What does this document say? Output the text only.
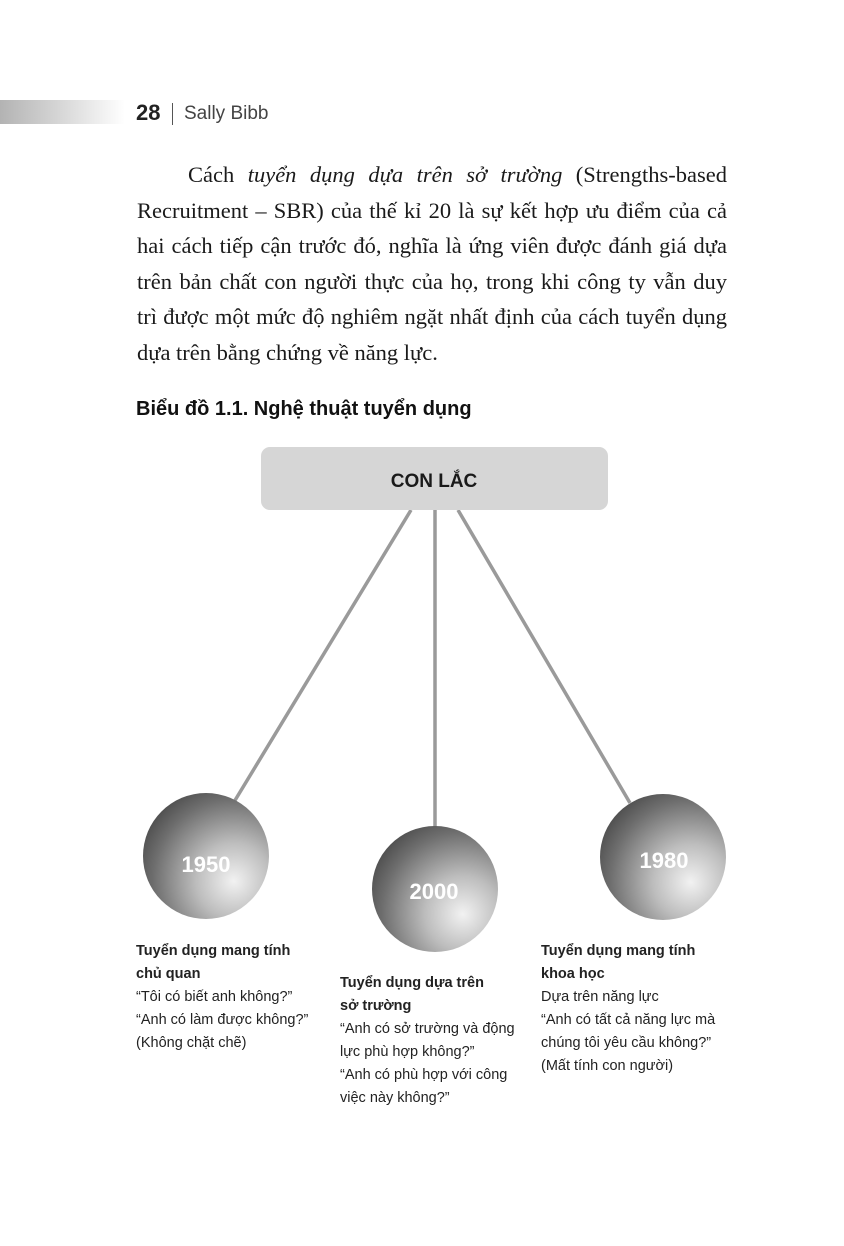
28 Sally Bibb

Cách tuyển dụng dựa trên sở trường (Strengths-based Recruitment – SBR) của thế kỉ 20 là sự kết hợp ưu điểm của cả hai cách tiếp cận trước đó, nghĩa là ứng viên được đánh giá dựa trên bản chất con người thực của họ, trong khi công ty vẫn duy trì được một mức độ nghiêm ngặt nhất định của cách tuyển dụng dựa trên bằng chứng về năng lực.

Biểu đồ 1.1. Nghệ thuật tuyển dụng
CON LẮC
1950
2000
1980
Tuyển dụng mang tính
chủ quan
“Tôi có biết anh không?”
“Anh có làm được không?”
(Không chặt chẽ)
Tuyển dụng dựa trên
sở trường
“Anh có sở trường và động
lực phù hợp không?”
“Anh có phù hợp với công
việc này không?”
Tuyển dụng mang tính
khoa học
Dựa trên năng lực
“Anh có tất cả năng lực mà
chúng tôi yêu cầu không?”
(Mất tính con người)
